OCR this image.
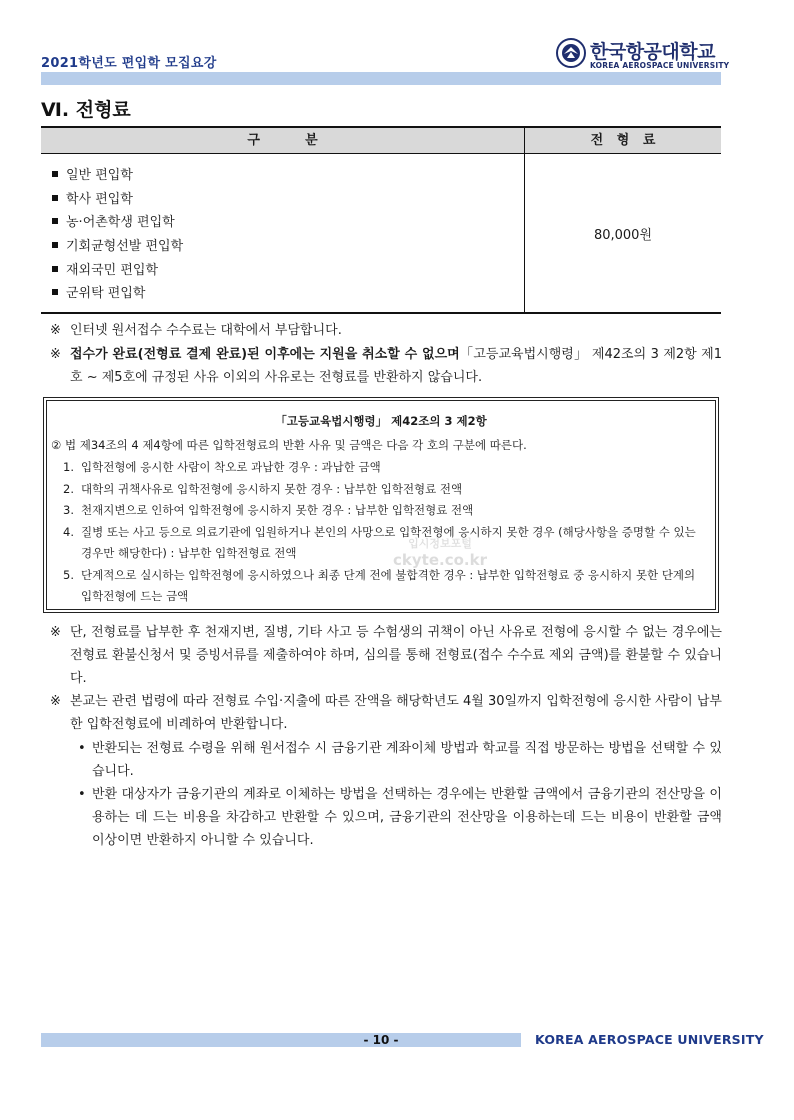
2021학년도 편입학 모집요강
한국항공대학교
KOREA AEROSPACE UNIVERSITY
Ⅵ. 전형료
구          분	전   형   료
일반 편입학
학사 편입학
농·어촌학생 편입학
기회균형선발 편입학
재외국민 편입학
군위탁 편입학
80,000원
※ 인터넷 원서접수 수수료는 대학에서 부담합니다.
※ 접수가 완료(전형료 결제 완료)된 이후에는 지원을 취소할 수 없으며「고등교육법시행령」 제42조의 3 제2항 제1호 ~ 제5호에 규정된 사유 이외의 사유로는 전형료를 반환하지 않습니다.
「고등교육법시행령」 제42조의 3 제2항
② 법 제34조의 4 제4항에 따른 입학전형료의 반환 사유 및 금액은 다음 각 호의 구분에 따른다.
1. 입학전형에 응시한 사람이 착오로 과납한 경우 : 과납한 금액
2. 대학의 귀책사유로 입학전형에 응시하지 못한 경우 : 납부한 입학전형료 전액
3. 천재지변으로 인하여 입학전형에 응시하지 못한 경우 : 납부한 입학전형료 전액
4. 질병 또는 사고 등으로 의료기관에 입원하거나 본인의 사망으로 입학전형에 응시하지 못한 경우 (해당사항을 증명할 수 있는 경우만 해당한다) : 납부한 입학전형료 전액
5. 단계적으로 실시하는 입학전형에 응시하였으나 최종 단계 전에 불합격한 경우 : 납부한 입학전형료 중 응시하지 못한 단계의 입학전형에 드는 금액
입시정보포털
ckyte.co.kr
※ 단, 전형료를 납부한 후 천재지변, 질병, 기타 사고 등 수험생의 귀책이 아닌 사유로 전형에 응시할 수 없는 경우에는 전형료 환불신청서 및 증빙서류를 제출하여야 하며, 심의를 통해 전형료(접수 수수료 제외 금액)를 환불할 수 있습니다.
※ 본교는 관련 법령에 따라 전형료 수입·지출에 따른 잔액을 해당학년도 4월 30일까지 입학전형에 응시한 사람이 납부한 입학전형료에 비례하여 반환합니다.
• 반환되는 전형료 수령을 위해 원서접수 시 금융기관 계좌이체 방법과 학교를 직접 방문하는 방법을 선택할 수 있습니다.
• 반환 대상자가 금융기관의 계좌로 이체하는 방법을 선택하는 경우에는 반환할 금액에서 금융기관의 전산망을 이용하는 데 드는 비용을 차감하고 반환할 수 있으며, 금융기관의 전산망을 이용하는데 드는 비용이 반환할 금액 이상이면 반환하지 아니할 수 있습니다.
- 10 -	KOREA AEROSPACE UNIVERSITY
